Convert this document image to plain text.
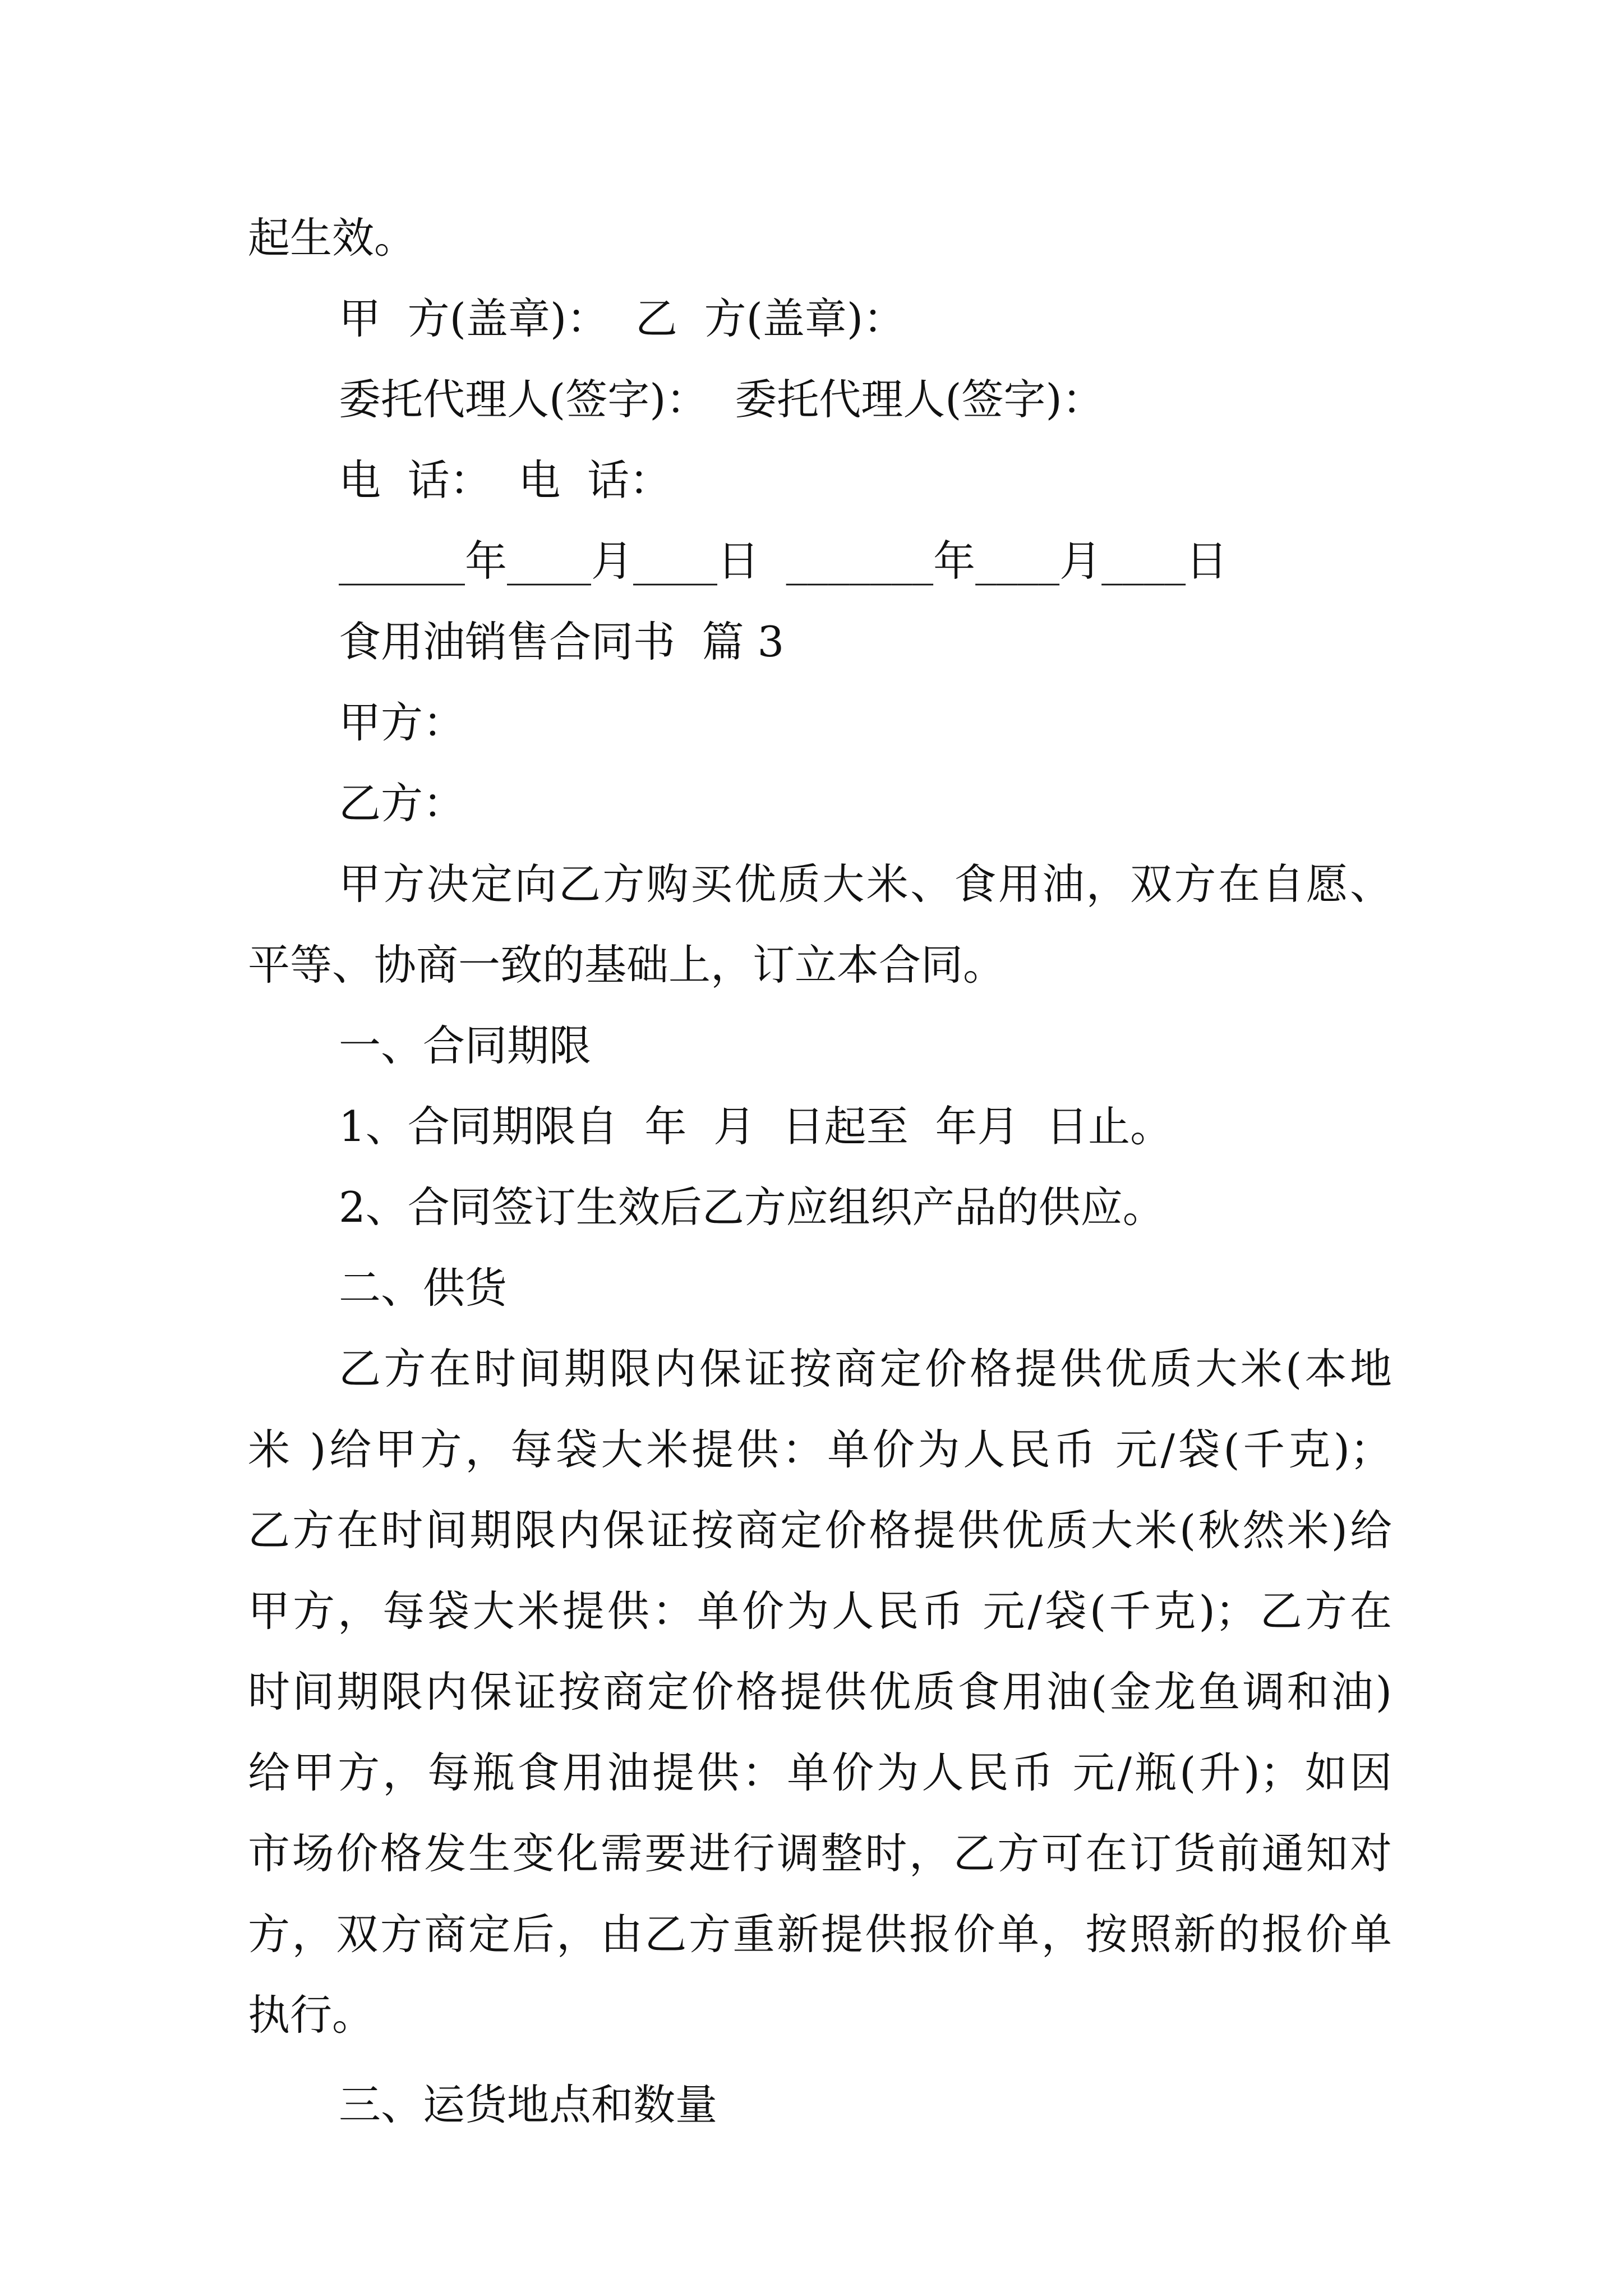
起生效。
甲  方(盖章)：  乙  方(盖章)：
委托代理人(签字)：  委托代理人(签字)：
电  话：  电  话：
______年____月____日  _______年____月____日
食用油销售合同书  篇 3
甲方：
乙方：
甲方决定向乙方购买优质大米、食用油，双方在自愿、
平等、协商一致的基础上，订立本合同。
一、合同期限
1、合同期限自  年  月  日起至  年月  日止。
2、合同签订生效后乙方应组织产品的供应。
二、供货
乙方在时间期限内保证按商定价格提供优质大米(本地
米 )给甲方，每袋大米提供：单价为人民币 元/袋(千克)；
乙方在时间期限内保证按商定价格提供优质大米(秋然米)给
甲方，每袋大米提供：单价为人民币 元/袋(千克)；乙方在
时间期限内保证按商定价格提供优质食用油(金龙鱼调和油)
给甲方，每瓶食用油提供：单价为人民币 元/瓶(升)；如因
市场价格发生变化需要进行调整时，乙方可在订货前通知对
方，双方商定后，由乙方重新提供报价单，按照新的报价单
执行。
三、运货地点和数量
